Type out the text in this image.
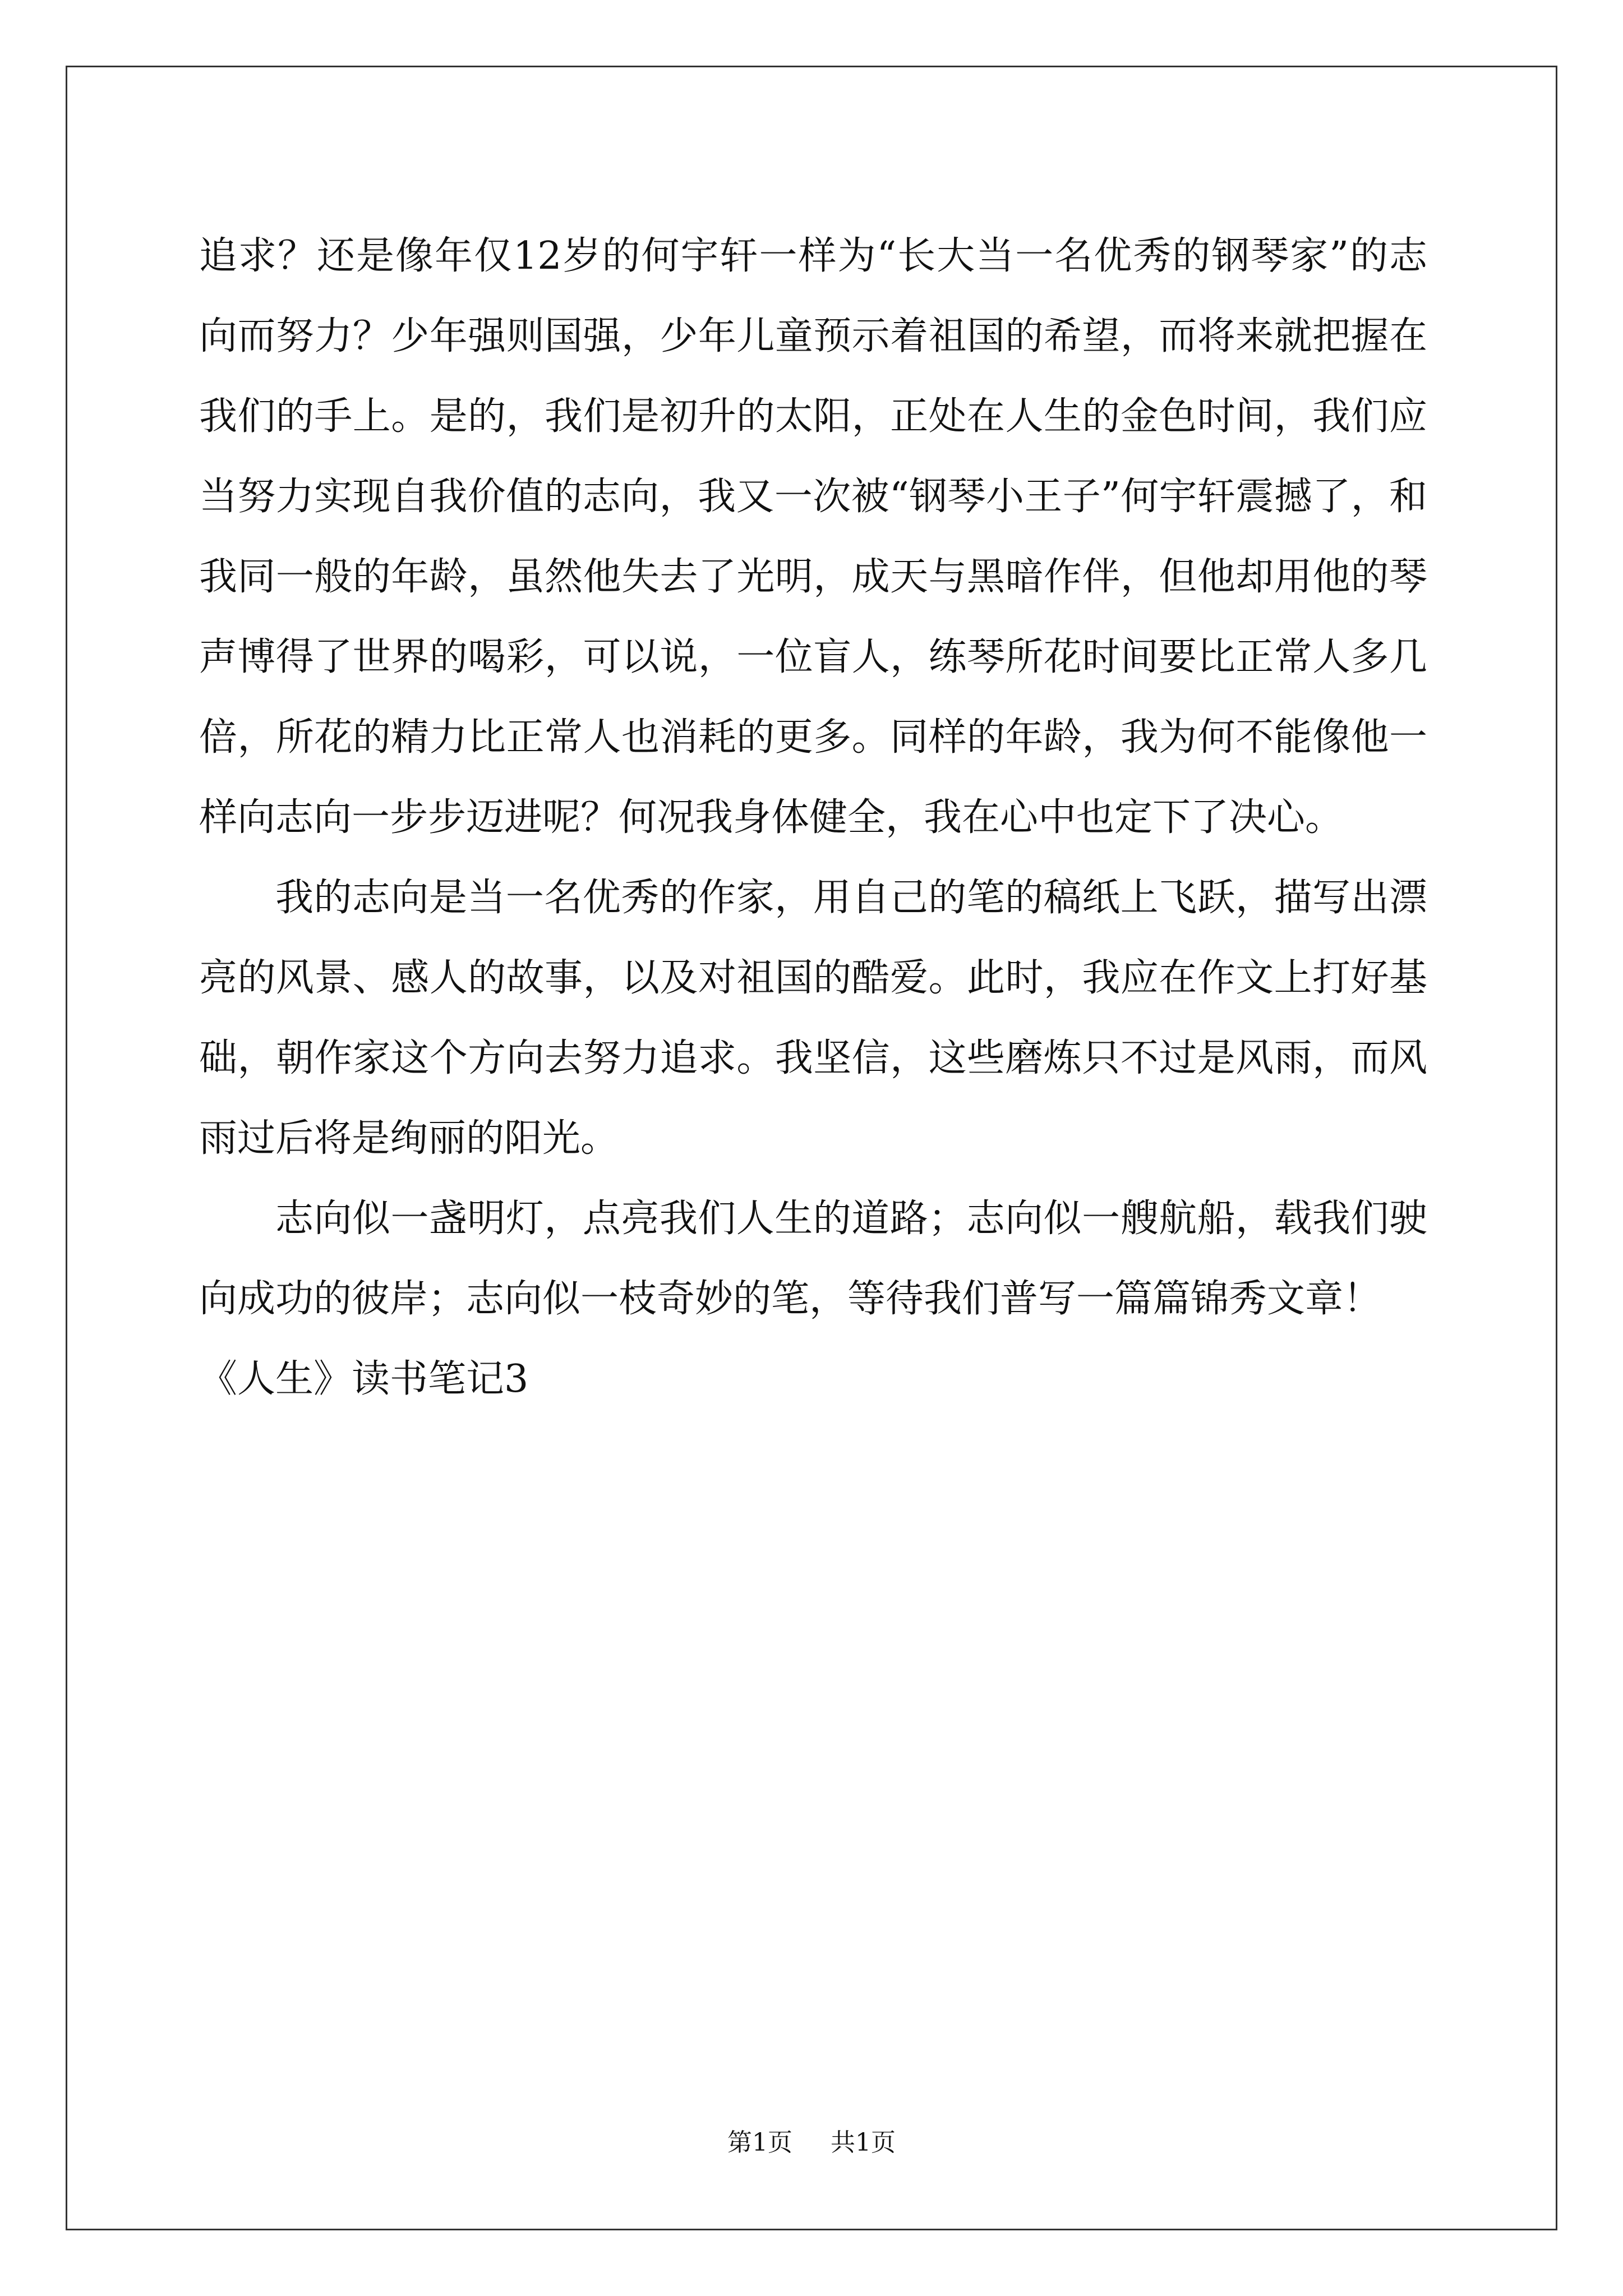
追求？还是像年仅12岁的何宇轩一样为“长大当一名优秀的钢琴家”的志向而努力？少年强则国强，少年儿童预示着祖国的希望，而将来就把握在我们的手上。是的，我们是初升的太阳，正处在人生的金色时间，我们应当努力实现自我价值的志向，我又一次被“钢琴小王子”何宇轩震撼了，和我同一般的年龄，虽然他失去了光明，成天与黑暗作伴，但他却用他的琴声博得了世界的喝彩，可以说，一位盲人，练琴所花时间要比正常人多几倍，所花的精力比正常人也消耗的更多。同样的年龄，我为何不能像他一样向志向一步步迈进呢？何况我身体健全，我在心中也定下了决心。

我的志向是当一名优秀的作家，用自己的笔的稿纸上飞跃，描写出漂亮的风景、感人的故事，以及对祖国的酷爱。此时，我应在作文上打好基础，朝作家这个方向去努力追求。我坚信，这些磨炼只不过是风雨，而风雨过后将是绚丽的阳光。

志向似一盏明灯，点亮我们人生的道路；志向似一艘航船，载我们驶向成功的彼岸；志向似一枝奇妙的笔，等待我们普写一篇篇锦秀文章！

《人生》读书笔记3

第1页 共1页
